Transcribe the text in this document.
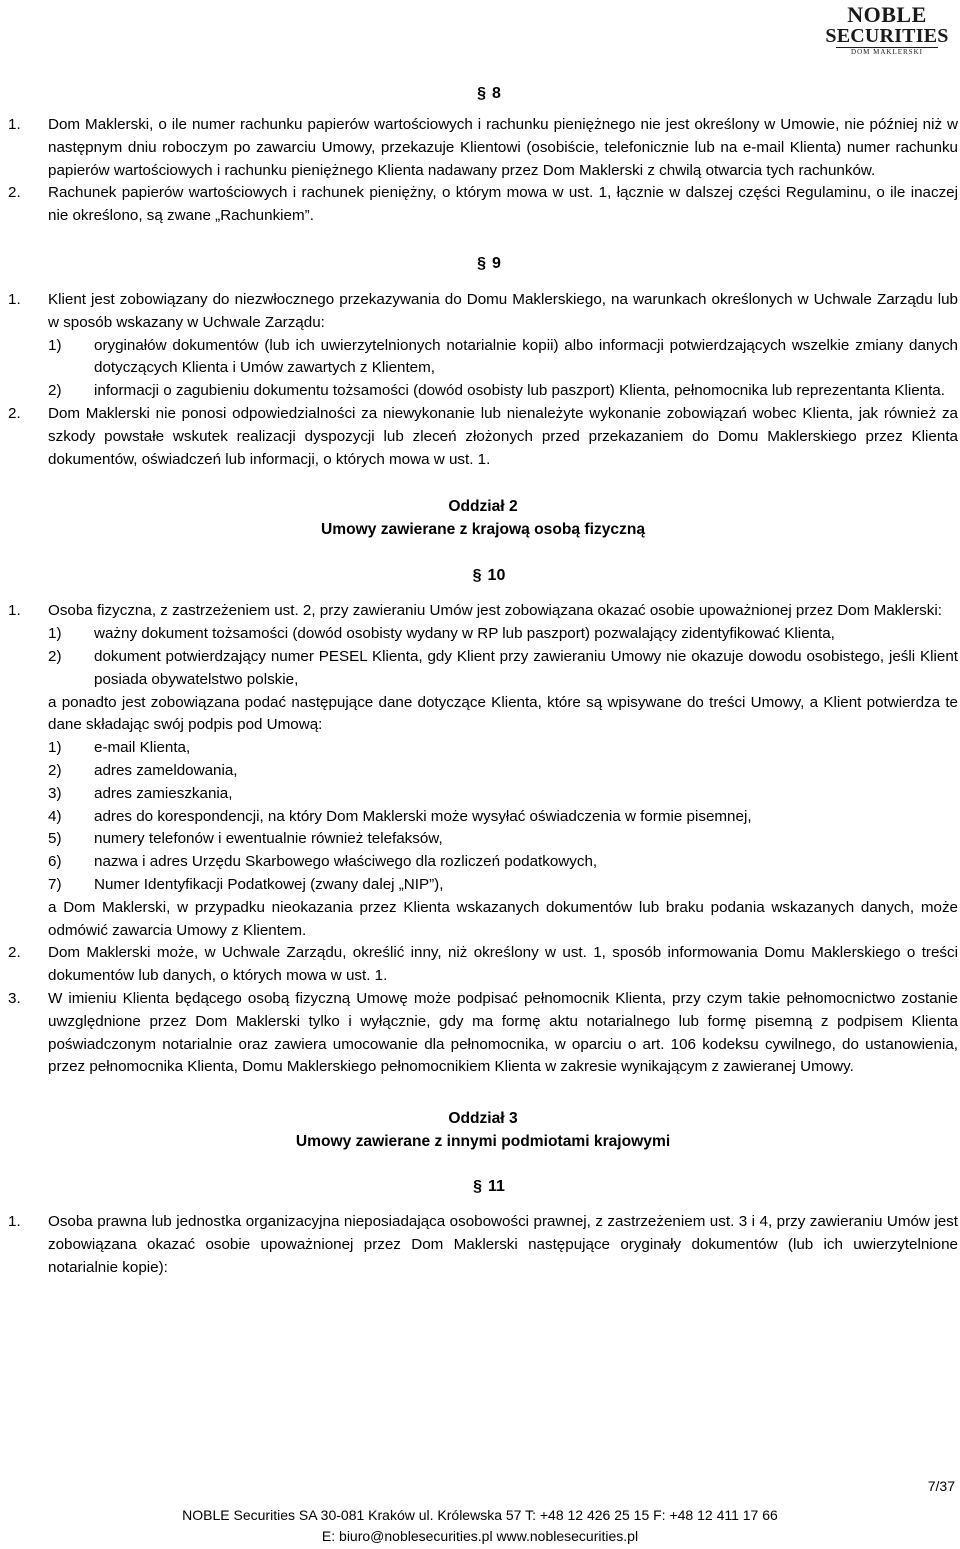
NOBLE
SECURITIES
DOM MAKLERSKI
§ 8
1.	Dom Maklerski, o ile numer rachunku papierów wartościowych i rachunku pieniężnego nie jest określony w Umowie, nie później niż w następnym dniu roboczym po zawarciu Umowy, przekazuje Klientowi (osobiście, telefonicznie lub na e-mail Klienta) numer rachunku papierów wartościowych i rachunku pieniężnego Klienta nadawany przez Dom Maklerski z chwilą otwarcia tych rachunków.
2.	Rachunek papierów wartościowych i rachunek pieniężny, o którym mowa w ust. 1, łącznie w dalszej części Regulaminu, o ile inaczej nie określono, są zwane „Rachunkiem”.
§ 9
1.	Klient jest zobowiązany do niezwłocznego przekazywania do Domu Maklerskiego, na warunkach określonych w Uchwale Zarządu lub w sposób wskazany w Uchwale Zarządu:
1)	oryginałów dokumentów (lub ich uwierzytelnionych notarialnie kopii) albo informacji potwierdzających wszelkie zmiany danych dotyczących Klienta i Umów zawartych z Klientem,
2)	informacji o zagubieniu dokumentu tożsamości (dowód osobisty lub paszport) Klienta, pełnomocnika lub reprezentanta Klienta.
2.	Dom Maklerski nie ponosi odpowiedzialności za niewykonanie lub nienależyte wykonanie zobowiązań wobec Klienta, jak również za szkody powstałe wskutek realizacji dyspozycji lub zleceń złożonych przed przekazaniem do Domu Maklerskiego przez Klienta dokumentów, oświadczeń lub informacji, o których mowa w ust. 1.
Oddział 2
Umowy zawierane z krajową osobą fizyczną
§ 10
1.	Osoba fizyczna, z zastrzeżeniem ust. 2, przy zawieraniu Umów jest zobowiązana okazać osobie upoważnionej przez Dom Maklerski:
1)	ważny dokument tożsamości (dowód osobisty wydany w RP lub paszport) pozwalający zidentyfikować Klienta,
2)	dokument potwierdzający numer PESEL Klienta, gdy Klient przy zawieraniu Umowy nie okazuje dowodu osobistego, jeśli Klient posiada obywatelstwo polskie,
a ponadto jest zobowiązana podać następujące dane dotyczące Klienta, które są wpisywane do treści Umowy, a Klient potwierdza te dane składając swój podpis pod Umową:
1)	e-mail Klienta,
2)	adres zameldowania,
3)	adres zamieszkania,
4)	adres do korespondencji, na który Dom Maklerski może wysyłać oświadczenia w formie pisemnej,
5)	numery telefonów i ewentualnie również telefaksów,
6)	nazwa i adres Urzędu Skarbowego właściwego dla rozliczeń podatkowych,
7)	Numer Identyfikacji Podatkowej (zwany dalej „NIP”),
a Dom Maklerski, w przypadku nieokazania przez Klienta wskazanych dokumentów lub braku podania wskazanych danych, może odmówić zawarcia Umowy z Klientem.
2.	Dom Maklerski może, w Uchwale Zarządu, określić inny, niż określony w ust. 1, sposób informowania Domu Maklerskiego o treści dokumentów lub danych, o których mowa w ust. 1.
3.	W imieniu Klienta będącego osobą fizyczną Umowę może podpisać pełnomocnik Klienta, przy czym takie pełnomocnictwo zostanie uwzględnione przez Dom Maklerski tylko i wyłącznie, gdy ma formę aktu notarialnego lub formę pisemną z podpisem Klienta poświadczonym notarialnie oraz zawiera umocowanie dla pełnomocnika, w oparciu o art. 106 kodeksu cywilnego, do ustanowienia, przez pełnomocnika Klienta, Domu Maklerskiego pełnomocnikiem Klienta w zakresie wynikającym z zawieranej Umowy.
Oddział 3
Umowy zawierane z innymi podmiotami krajowymi
§ 11
1.	Osoba prawna lub jednostka organizacyjna nieposiadająca osobowości prawnej, z zastrzeżeniem ust. 3 i 4, przy zawieraniu Umów jest zobowiązana okazać osobie upoważnionej przez Dom Maklerski następujące oryginały dokumentów (lub ich uwierzytelnione notarialnie kopie):
7/37
NOBLE Securities SA 30-081 Kraków ul. Królewska 57 T: +48 12 426 25 15 F: +48 12 411 17 66
E: biuro@noblesecurities.pl www.noblesecurities.pl
